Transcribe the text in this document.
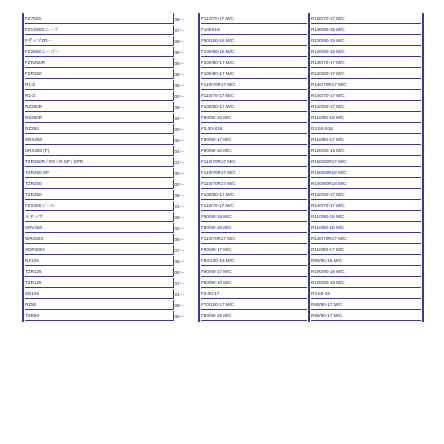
FZ750X	06〜	F110/70-17 M/C	R150/70-17 M/C

FZV250Sニーゴ	07〜	F100S18	R130/90-15 M/C

FザップZR－	08〜	F90/100-16 M/C	R130/90-15 M/C

FZ250Zニーゴー	08〜	F100/80-16 M/C	R120/80-16 M/C

FZR250R	08〜	F100/80-17 M/C	R130/70-17 M/C

FZR250	08〜	F100/80-17 M/C	R120/80-17 M/C

R1-Z	08〜	F110/70R17 M/C	R140/70R17 M/C

R1-Z	00〜	F110/70-17 M/C	R140/70-17 M/C

RZ250R	08〜	F100/80-17 M/C	R120/80-17 M/C

RZ250R	04〜	F90/90-18 M/C	R110/80-18 M/C

RZ250	00〜	F3.00-S18	R3.50-S18

SRX250	00〜	F90/80-17 M/C	R110/80-17 M/C

SRX250 (F)	04〜	F90/90-16 M/C	R100/90-16 M/C

TZR250R / RS / R-SP / SPR	01〜	F110/70R17 M/C	R150/60R17 M/C

TZR250 SP	00〜	F110/70R17 M/C	R150/60R18 M/C

TZR250	00〜	F110/70R17 M/C	R140/60R18 M/C

TZR250	05〜	F100/80-17 M/C	R120/80-17 M/C

FZX250ジール	01〜	F110/70-17 M/C	R140/70-17 M/C

ルネッサ	06〜	F90/90-18 M/C	R110/90-18 M/C

SRV250	02〜	F90/90-18 M/C	R110/90-18 M/C

WR250X	08〜	F110/70R17 M/C	R140/70R17 M/C

SDR200A	07〜	F90/80-17 M/C	R110/80-17 M/C

RZ125	05〜	F80/100-16 M/C	R90/90-18 M/C

TZR125	08〜	F90/80-17 M/C	R100/90-16 M/C

TZR125	07〜	F90/90-16 M/C	R100/90-18 M/C

SR125	01〜	F3.00-17	R3.50-16

RZ50	08〜	F70/100-17 M/C	R80/90-17 M/C

TZR50	00〜	F80/90-16 M/C	R90/90-17 M/C
